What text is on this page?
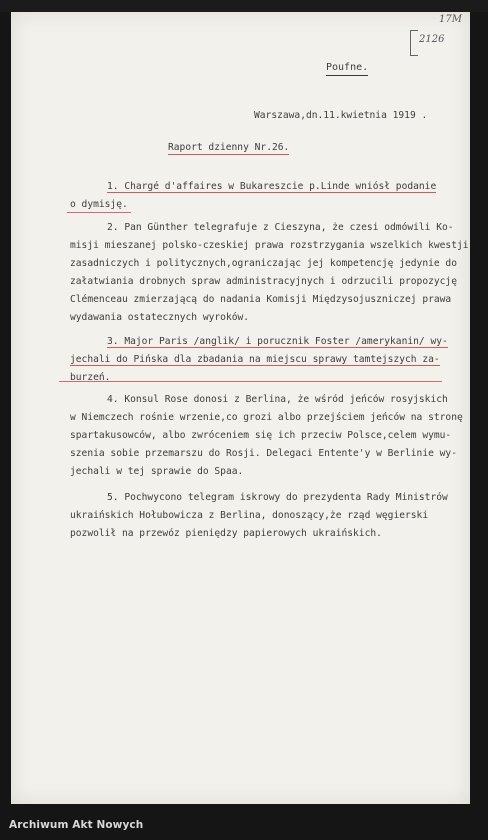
17M
2126
Poufne.
Warszawa,dn.11.kwietnia 1919 .
Raport dzienny Nr.26.
1. Chargé d'affaires w Bukareszcie p.Linde wniósł podanie
o dymisję.
2. Pan Günther telegrafuje z Cieszyna, że czesi odmówili Ko-
misji mieszanej polsko-czeskiej prawa rozstrzygania wszelkich kwestji
zasadniczych i politycznych,ograniczając jej kompetencję jedynie do
załatwiania drobnych spraw administracyjnych i odrzucili propozycję
Clémenceau zmierzającą do nadania Komisji Międzysojuszniczej prawa
wydawania ostatecznych wyroków.
3. Major Paris /anglik/ i porucznik Foster /amerykanin/ wy-
jechali do Pińska dla zbadania na miejscu sprawy tamtejszych za-
burzeń.
4. Konsul Rose donosi z Berlina, że wśród jeńców rosyjskich
w Niemczech rośnie wrzenie,co grozi albo przejściem jeńców na stronę
spartakusowców, albo zwróceniem się ich przeciw Polsce,celem wymu-
szenia sobie przemarszu do Rosji. Delegaci Entente'y w Berlinie wy-
jechali w tej sprawie do Spaa.
5. Pochwycono telegram iskrowy do prezydenta Rady Ministrów
ukraińskich Hołubowicza z Berlina, donoszący,że rząd węgierski
pozwolił na przewóz pieniędzy papierowych ukraińskich.
Archiwum Akt Nowych
